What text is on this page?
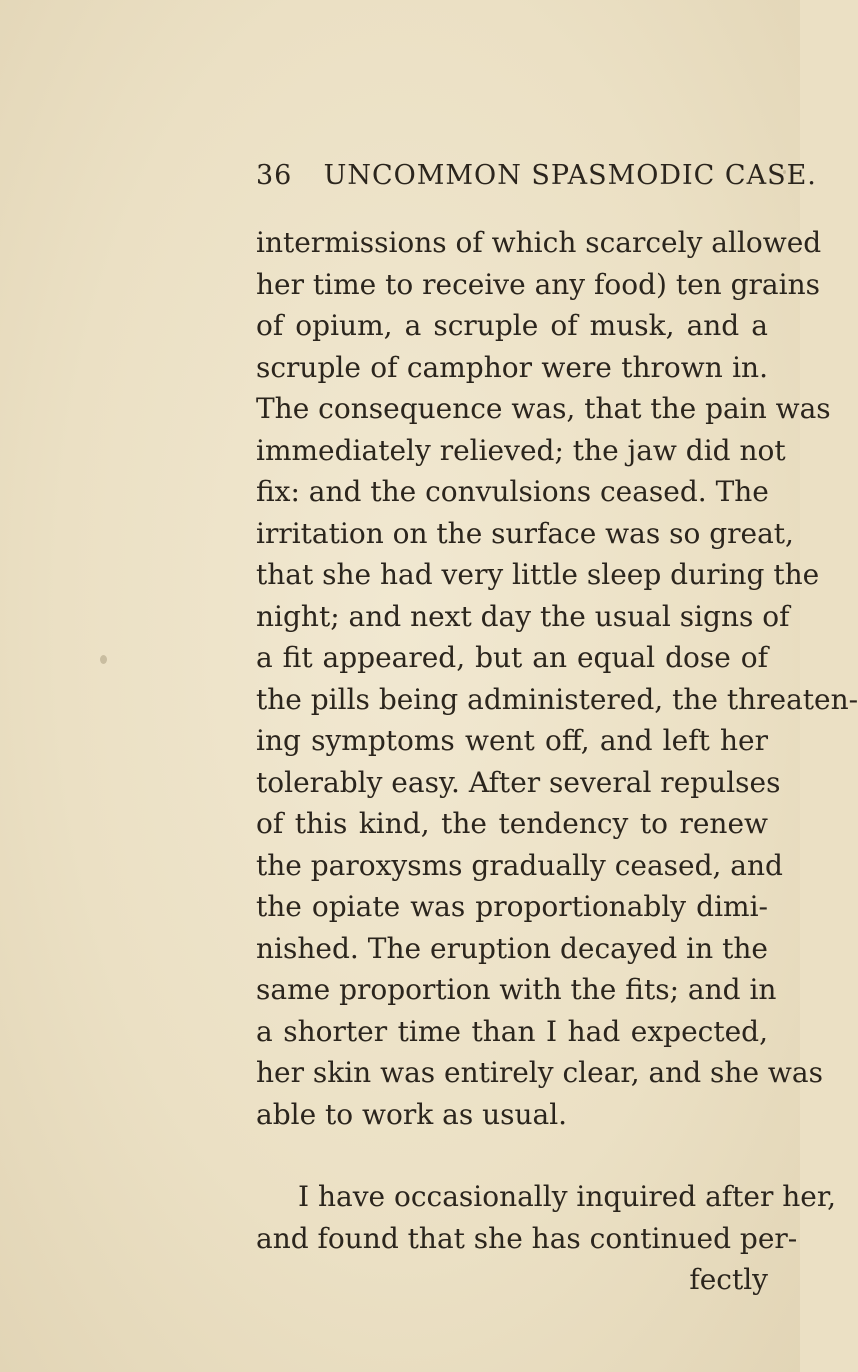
36 UNCOMMON SPASMODIC CASE.
intermissions of which scarcely allowed
her time to receive any food) ten grains
of opium, a scruple of musk, and a
scruple of camphor were thrown in.
The consequence was, that the pain was
immediately relieved; the jaw did not
fix: and the convulsions ceased. The
irritation on the surface was so great,
that she had very little sleep during the
night; and next day the usual signs of
a fit appeared, but an equal dose of
the pills being administered, the threaten-
ing symptoms went off, and left her
tolerably easy. After several repulses
of this kind, the tendency to renew
the paroxysms gradually ceased, and
the opiate was proportionably dimi-
nished. The eruption decayed in the
same proportion with the fits; and in
a shorter time than I had expected,
her skin was entirely clear, and she was
able to work as usual.
I have occasionally inquired after her,
and found that she has continued per-
fectly
